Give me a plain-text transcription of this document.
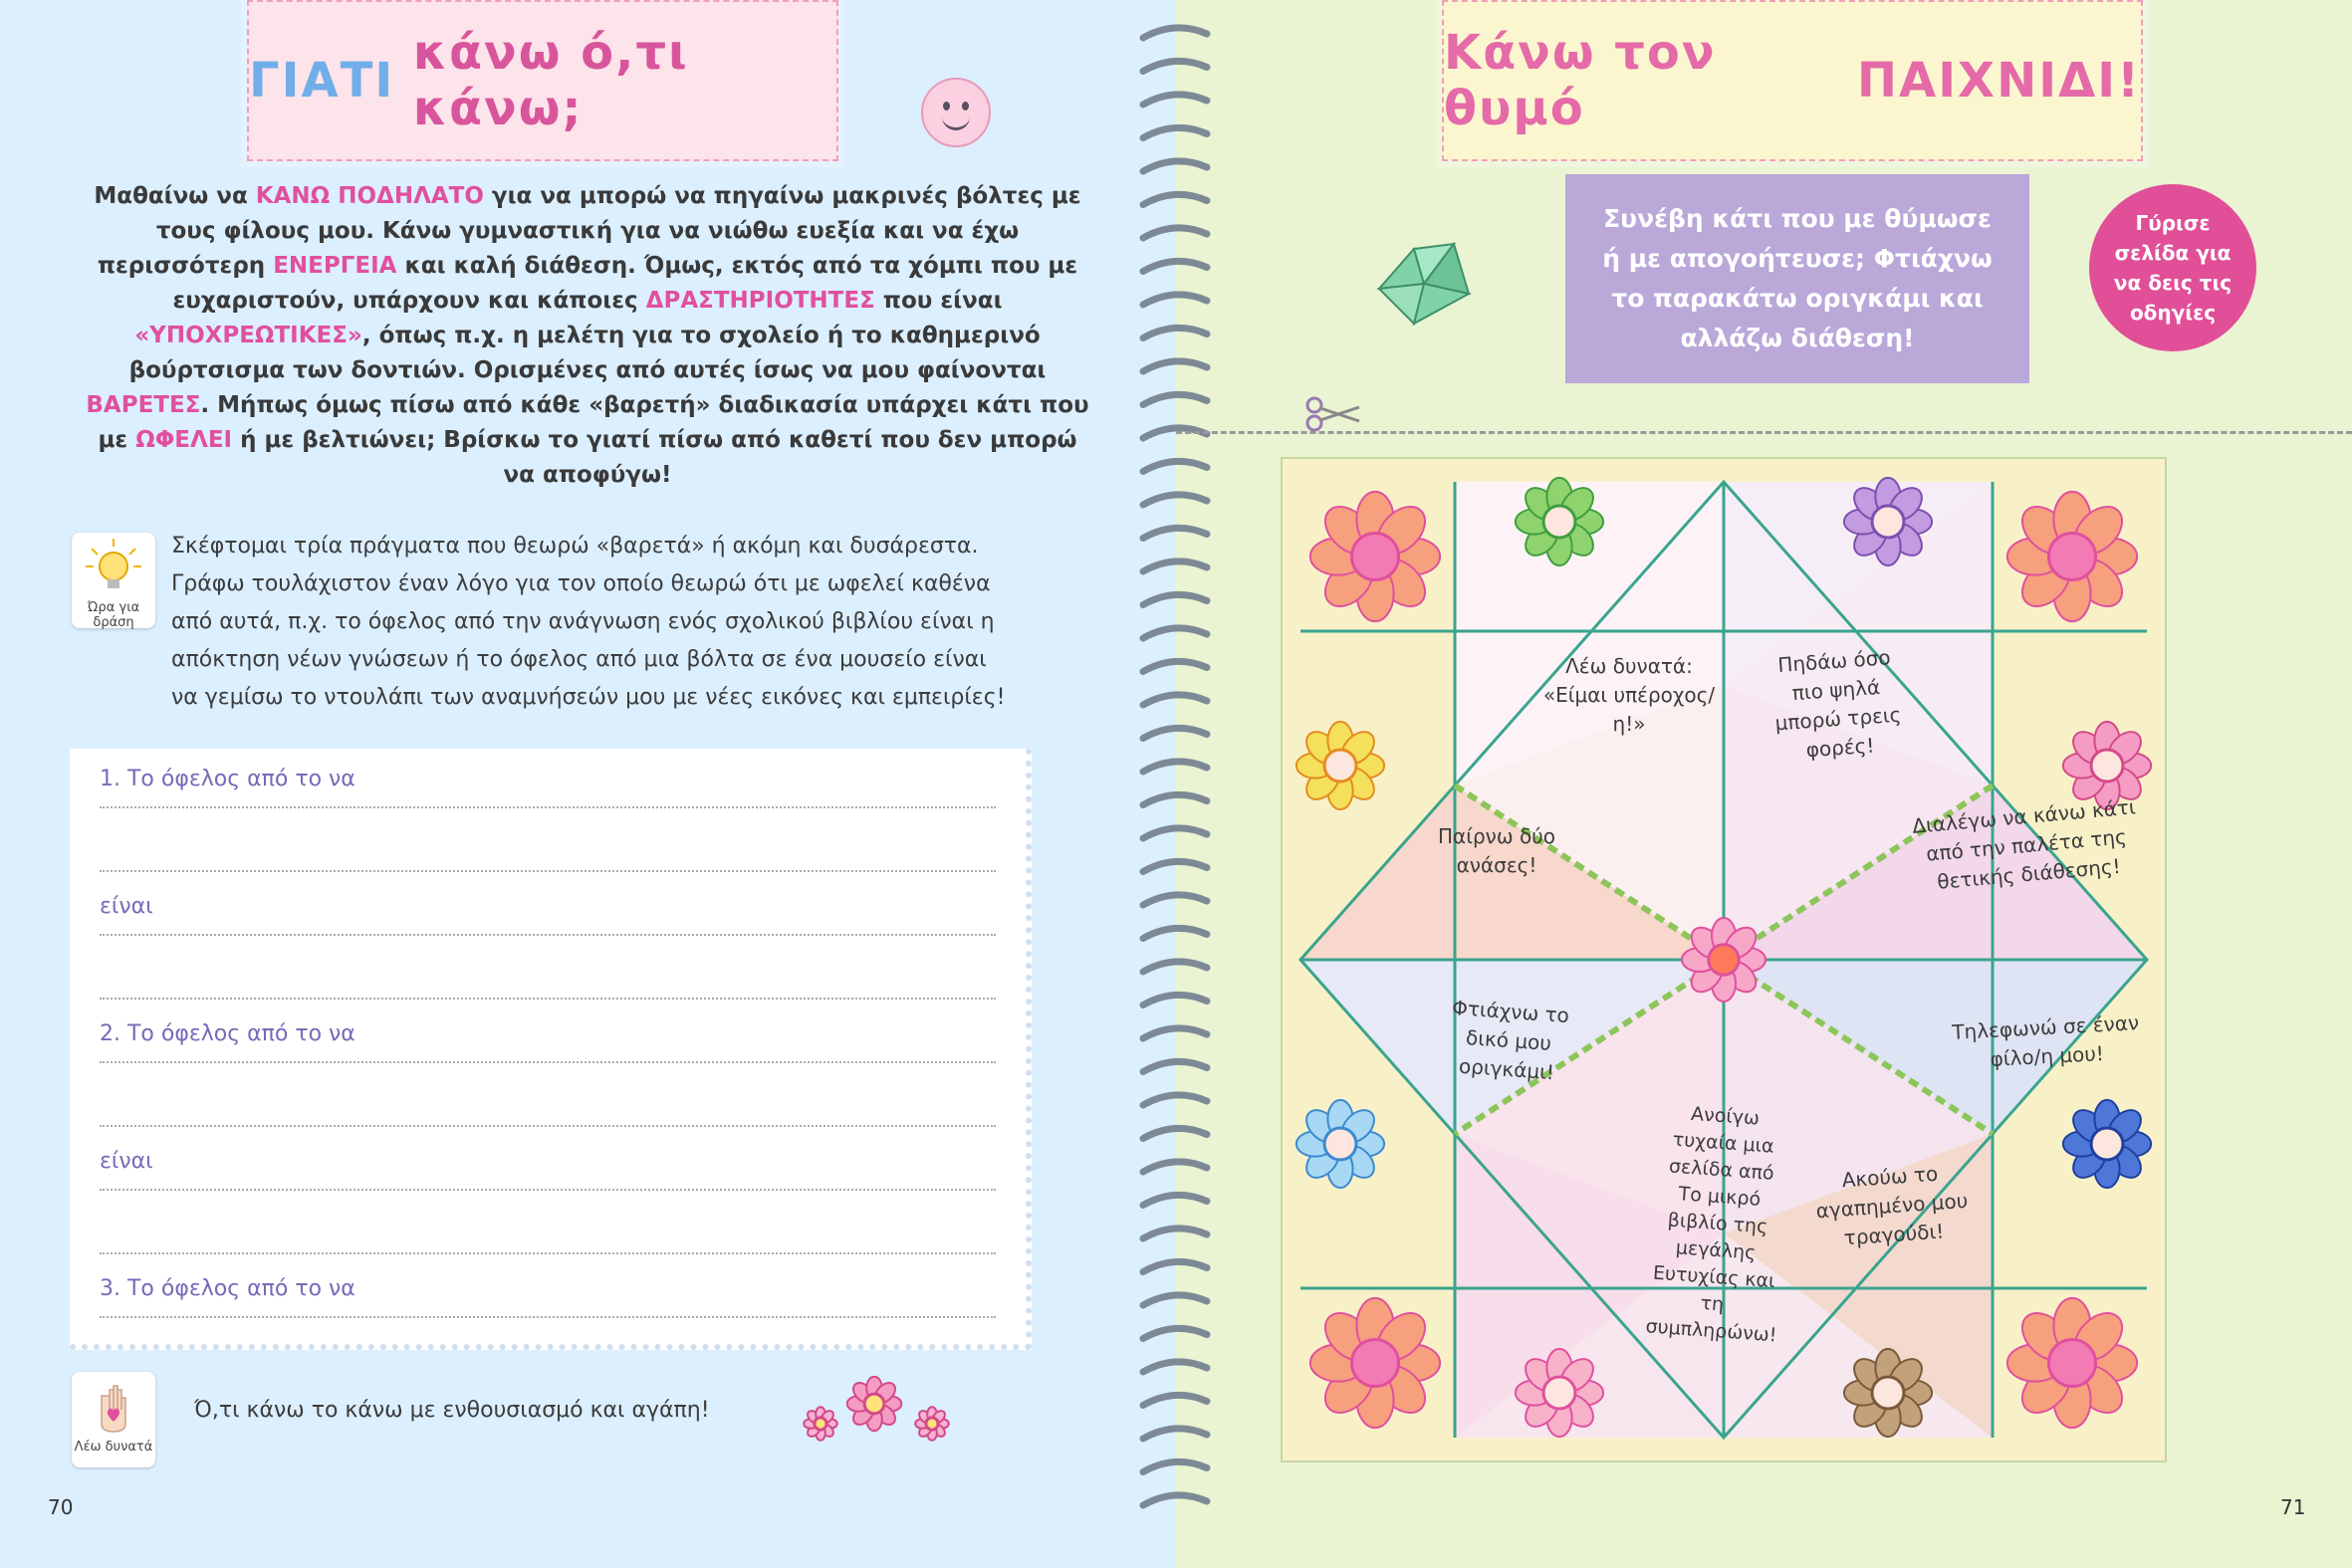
ΓΙΑΤΙ
κάνω ό,τι κάνω;
Μαθαίνω να ΚΑΝΩ ΠΟΔΗΛΑΤΟ για να μπορώ να πηγαίνω μακρινές βόλτες με τους φίλους μου. Κάνω γυμναστική για να νιώθω ευεξία και να έχω περισσότερη ΕΝΕΡΓΕΙΑ και καλή διάθεση. Όμως, εκτός από τα χόμπι που με ευχαριστούν, υπάρχουν και κάποιες ΔΡΑΣΤΗΡΙΟΤΗΤΕΣ που είναι «ΥΠΟΧΡΕΩΤΙΚΕΣ», όπως π.χ. η μελέτη για το σχολείο ή το καθημερινό βούρτσισμα των δοντιών. Ορισμένες από αυτές ίσως να μου φαίνονται ΒΑΡΕΤΕΣ. Μήπως όμως πίσω από κάθε «βαρετή» διαδικασία υπάρχει κάτι που με ΩΦΕΛΕΙ ή με βελτιώνει; Βρίσκω το γιατί πίσω από καθετί που δεν μπορώ να αποφύγω!
Ώρα για δράση
Σκέφτομαι τρία πράγματα που θεωρώ «βαρετά» ή ακόμη και δυσάρεστα. Γράφω τουλάχιστον έναν λόγο για τον οποίο θεωρώ ότι με ωφελεί καθένα από αυτά, π.χ. το όφελος από την ανάγνωση ενός σχολικού βιβλίου είναι η απόκτηση νέων γνώσεων ή το όφελος από μια βόλτα σε ένα μουσείο είναι να γεμίσω το ντουλάπι των αναμνήσεών μου με νέες εικόνες και εμπειρίες!
1. Το όφελος από το να
είναι
2. Το όφελος από το να
είναι
3. Το όφελος από το να
Λέω δυνατά
Ό,τι κάνω το κάνω με ενθουσιασμό και αγάπη!
70
Κάνω τον θυμό
	ΠΑΙΧΝΙΔΙ!
Συνέβη κάτι που με θύμωσε ή με απογοήτευσε; Φτιάχνω το παρακάτω οριγκάμι και αλλάζω διάθεση!
Γύρισε σελίδα για να δεις τις οδηγίες
Λέω δυνατά: «Είμαι υπέροχος/η!»
Πηδάω όσο πιο ψηλά μπορώ τρεις φορές!
Παίρνω δύο ανάσες!
Διαλέγω να κάνω κάτι από την παλέτα της θετικής διάθεσης!
Φτιάχνω το δικό μου οριγκάμι!
Τηλεφωνώ σε έναν φίλο/η μου!
Ανοίγω τυχαία μια σελίδα από Το μικρό βιβλίο της μεγάλης Ευτυχίας και τη συμπληρώνω!
Ακούω το αγαπημένο μου τραγούδι!
71
